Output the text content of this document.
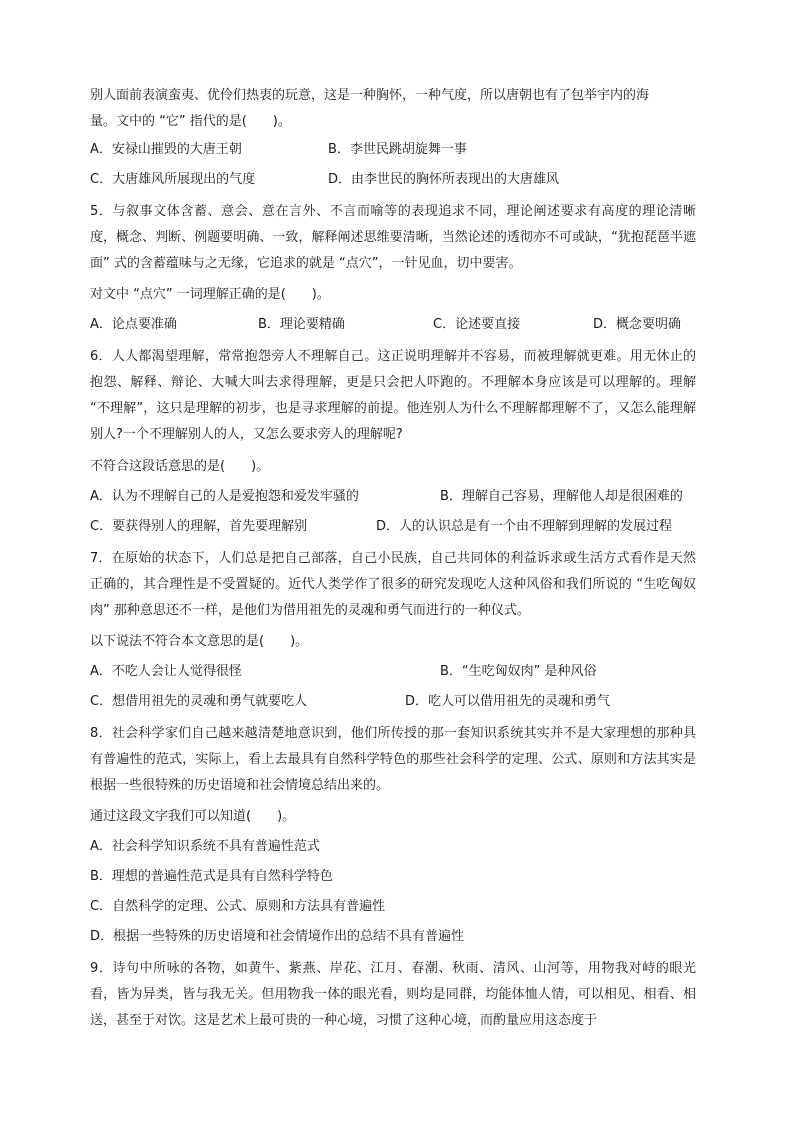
别人面前表演蛮夷、优伶们热衷的玩意，这是一种胸怀，一种气度，所以唐朝也有了包举宇内的海
量。文中的 “它” 指代的是(　　)。
A．安禄山摧毁的大唐王朝	B．李世民跳胡旋舞一事
C．大唐雄风所展现出的气度	D．由李世民的胸怀所表现出的大唐雄风
5．与叙事文体含蓄、意会、意在言外、不言而喻等的表现追求不同，理论阐述要求有高度的理论清晰度，概念、判断、例题要明确、一致，解释阐述思维要清晰，当然论述的透彻亦不可或缺，“犹抱琵琶半遮面” 式的含蓄蕴味与之无缘，它追求的就是 “点穴”，一针见血，切中要害。
对文中 “点穴” 一词理解正确的是(　　)。
A．论点要准确	B．理论要精确	C．论述要直接	D．概念要明确
6．人人都渴望理解，常常抱怨旁人不理解自己。这正说明理解并不容易，而被理解就更难。用无休止的抱怨、解释、辩论、大喊大叫去求得理解，更是只会把人吓跑的。不理解本身应该是可以理解的。理解 “不理解”，这只是理解的初步，也是寻求理解的前提。他连别人为什么不理解都理解不了，又怎么能理解别人?一个不理解别人的人，又怎么要求旁人的理解呢?
不符合这段话意思的是(　　)。
A．认为不理解自己的人是爱抱怨和爱发牢骚的	B．理解自己容易，理解他人却是很困难的
C．要获得别人的理解，首先要理解别	D．人的认识总是有一个由不理解到理解的发展过程
7．在原始的状态下，人们总是把自己部落，自己小民族，自己共同体的利益诉求或生活方式看作是天然正确的，其合理性是不受置疑的。近代人类学作了很多的研究发现吃人这种风俗和我们所说的 “生吃匈奴肉” 那种意思还不一样，是他们为借用祖先的灵魂和勇气而进行的一种仪式。
以下说法不符合本文意思的是(　　)。
A．不吃人会让人觉得很怪	B．“生吃匈奴肉” 是种风俗
C．想借用祖先的灵魂和勇气就要吃人	D．吃人可以借用祖先的灵魂和勇气
8．社会科学家们自己越来越清楚地意识到，他们所传授的那一套知识系统其实并不是大家理想的那种具有普遍性的范式，实际上，看上去最具有自然科学特色的那些社会科学的定理、公式、原则和方法其实是根据一些很特殊的历史语境和社会情境总结出来的。
通过这段文字我们可以知道(　　)。
A．社会科学知识系统不具有普遍性范式
B．理想的普遍性范式是具有自然科学特色
C．自然科学的定理、公式、原则和方法具有普遍性
D．根据一些特殊的历史语境和社会情境作出的总结不具有普遍性
9．诗句中所咏的各物，如黄牛、紫燕、岸花、江月、春潮、秋雨、清风、山河等，用物我对峙的眼光看，皆为异类，皆与我无关。但用物我一体的眼光看，则均是同群，均能体恤人情，可以相见、相看、相送，甚至于对饮。这是艺术上最可贵的一种心境，习惯了这种心境，而酌量应用这态度于
